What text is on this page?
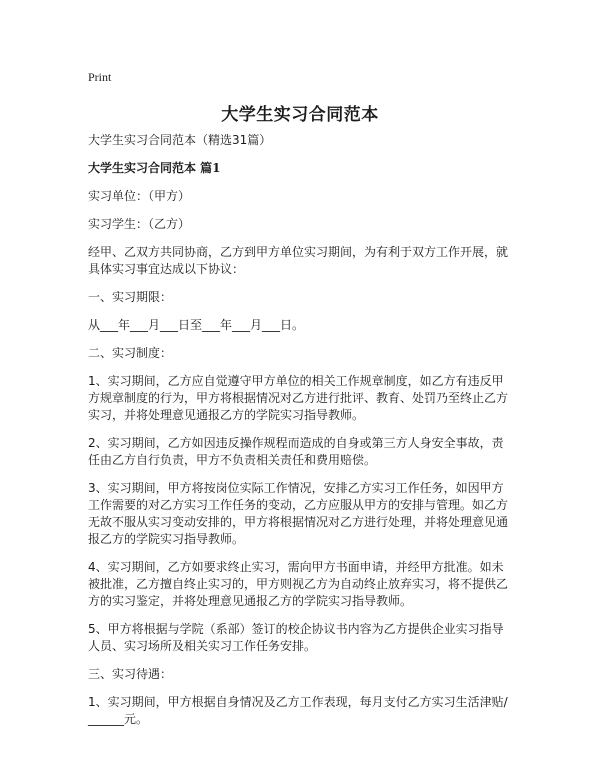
Print
大学生实习合同范本
大学生实习合同范本（精选31篇）
大学生实习合同范本 篇1
实习单位：（甲方）
实习学生：（乙方）
经甲、乙双方共同协商，乙方到甲方单位实习期间，为有利于双方工作开展，就具体实习事宜达成以下协议：
一、实习期限：
从___年___月___日至___年___月___日。
二、实习制度：
1、实习期间，乙方应自觉遵守甲方单位的相关工作规章制度，如乙方有违反甲方规章制度的行为，甲方将根据情况对乙方进行批评、教育、处罚乃至终止乙方实习，并将处理意见通报乙方的学院实习指导教师。
2、实习期间，乙方如因违反操作规程而造成的自身或第三方人身安全事故，责任由乙方自行负责，甲方不负责相关责任和费用赔偿。
3、实习期间，甲方将按岗位实际工作情况，安排乙方实习工作任务，如因甲方工作需要的对乙方实习工作任务的变动，乙方应服从甲方的安排与管理。如乙方无故不服从实习变动安排的，甲方将根据情况对乙方进行处理，并将处理意见通报乙方的学院实习指导教师。
4、实习期间，乙方如要求终止实习，需向甲方书面申请，并经甲方批准。如未被批准，乙方擅自终止实习的，甲方则视乙方为自动终止放弃实习，将不提供乙方的实习鉴定，并将处理意见通报乙方的学院实习指导教师。
5、甲方将根据与学院（系部）签订的校企协议书内容为乙方提供企业实习指导人员、实习场所及相关实习工作任务安排。
三、实习待遇：
1、实习期间，甲方根据自身情况及乙方工作表现，每月支付乙方实习生活津贴/______元。
